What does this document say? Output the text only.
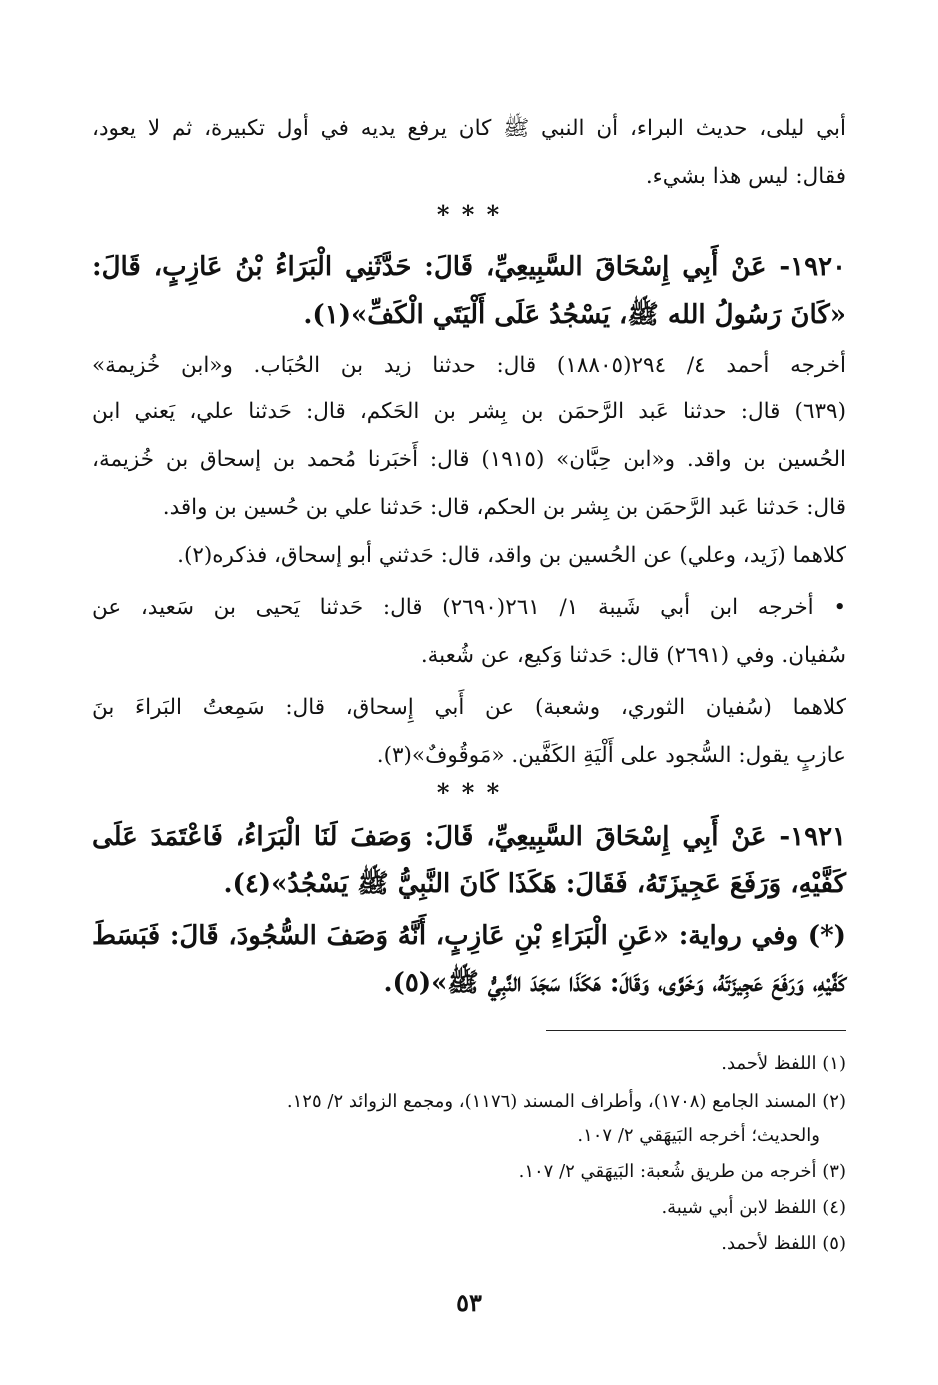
أبي ليلى، حديث البراء، أن النبي ﷺ كان يرفع يديه في أول تكبيرة، ثم لا يعود،
فقال: ليس هذا بشيء.
* * *
١٩٢٠- عَنْ أَبِي إِسْحَاقَ السَّبِيعِيِّ، قَالَ: حَدَّثَنِي الْبَرَاءُ بْنُ عَازِبٍ، قَالَ:
«كَانَ رَسُولُ الله ﷺ، يَسْجُدُ عَلَى أَلْيَتَي الْكَفِّ»(١).
أخرجه أحمد ٤/ ٢٩٤(١٨٨٠٥) قال: حدثنا زيد بن الحُبَاب. و«ابن خُزيمة»
(٦٣٩) قال: حدثنا عَبد الرَّحمَن بن بِشر بن الحَكم، قال: حَدثنا علي، يَعني ابن
الحُسين بن واقد. و«ابن حِبَّان» (١٩١٥) قال: أَخبَرنا مُحمد بن إسحاق بن خُزيمة،
قال: حَدثنا عَبد الرَّحمَن بن بِشر بن الحكم، قال: حَدثنا علي بن حُسين بن واقد.
كلاهما (زَيد، وعلي) عن الحُسين بن واقد، قال: حَدثني أبو إسحاق، فذكره(٢).
• أخرجه ابن أبي شَيبة ١/ ٢٦١(٢٦٩٠) قال: حَدثنا يَحيى بن سَعيد، عن
سُفيان. وفي (٢٦٩١) قال: حَدثنا وَكيع، عن شُعبة.
كلاهما (سُفيان الثوري، وشعبة) عن أَبي إِسحاق، قال: سَمِعتُ البَراءَ بنَ
عازبٍ يقول: السُّجود على أَلْيَةِ الكَفَّين. «مَوقُوفٌ»(٣).
* * *
١٩٢١- عَنْ أَبِي إِسْحَاقَ السَّبِيعِيِّ، قَالَ: وَصَفَ لَنَا الْبَرَاءُ، فَاعْتَمَدَ عَلَى
كَفَّيْهِ، وَرَفَعَ عَجِيزَتَهُ، فَقَالَ: هَكَذَا كَانَ النَّبِيُّ ﷺ يَسْجُدُ»(٤).
(*) وفي رواية: «عَنِ الْبَرَاءِ بْنِ عَازِبٍ، أَنَّهُ وَصَفَ السُّجُودَ، قَالَ: فَبَسَطَ
كَفَّيْهِ، وَرَفَعَ عَجِيزَتَهُ، وَخَوَّى، وَقَالَ: هَكَذَا سَجَدَ النَّبِيُّ ﷺ»(٥).
(١) اللفظ لأحمد.
(٢) المسند الجامع (١٧٠٨)، وأطراف المسند (١١٧٦)، ومجمع الزوائد ٢/ ١٢٥.
والحديث؛ أخرجه البَيهَقي ٢/ ١٠٧.
(٣) أخرجه من طريق شُعبة: البَيهَقي ٢/ ١٠٧.
(٤) اللفظ لابن أبي شيبة.
(٥) اللفظ لأحمد.
٥٣
